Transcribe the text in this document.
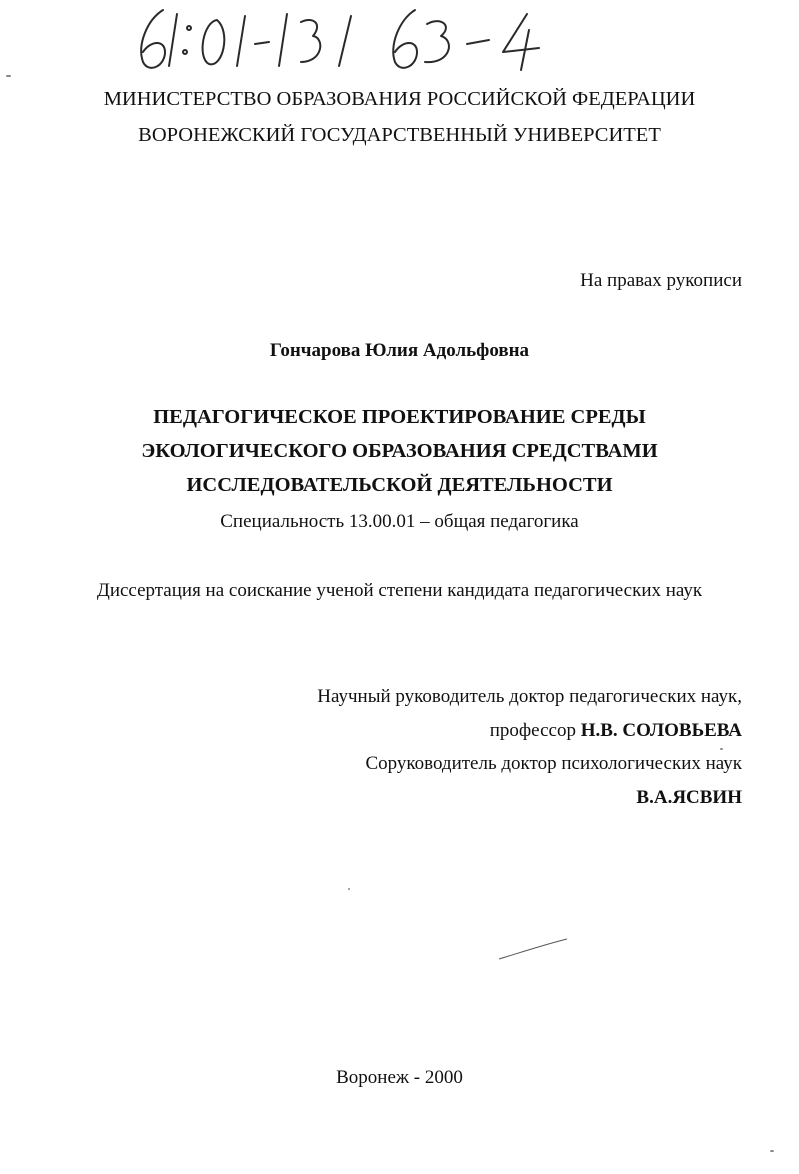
61:01-13/63-4
МИНИСТЕРСТВО ОБРАЗОВАНИЯ РОССИЙСКОЙ ФЕДЕРАЦИИ
ВОРОНЕЖСКИЙ ГОСУДАРСТВЕННЫЙ УНИВЕРСИТЕТ
На правах рукописи
Гончарова Юлия Адольфовна
ПЕДАГОГИЧЕСКОЕ ПРОЕКТИРОВАНИЕ СРЕДЫ
ЭКОЛОГИЧЕСКОГО ОБРАЗОВАНИЯ СРЕДСТВАМИ
ИССЛЕДОВАТЕЛЬСКОЙ ДЕЯТЕЛЬНОСТИ
Специальность 13.00.01 – общая педагогика
Диссертация на соискание ученой степени кандидата педагогических наук
Научный руководитель доктор педагогических наук,
профессор Н.В. СОЛОВЬЕВА
Соруководитель доктор психологических наук
В.А.ЯСВИН
Воронеж - 2000
